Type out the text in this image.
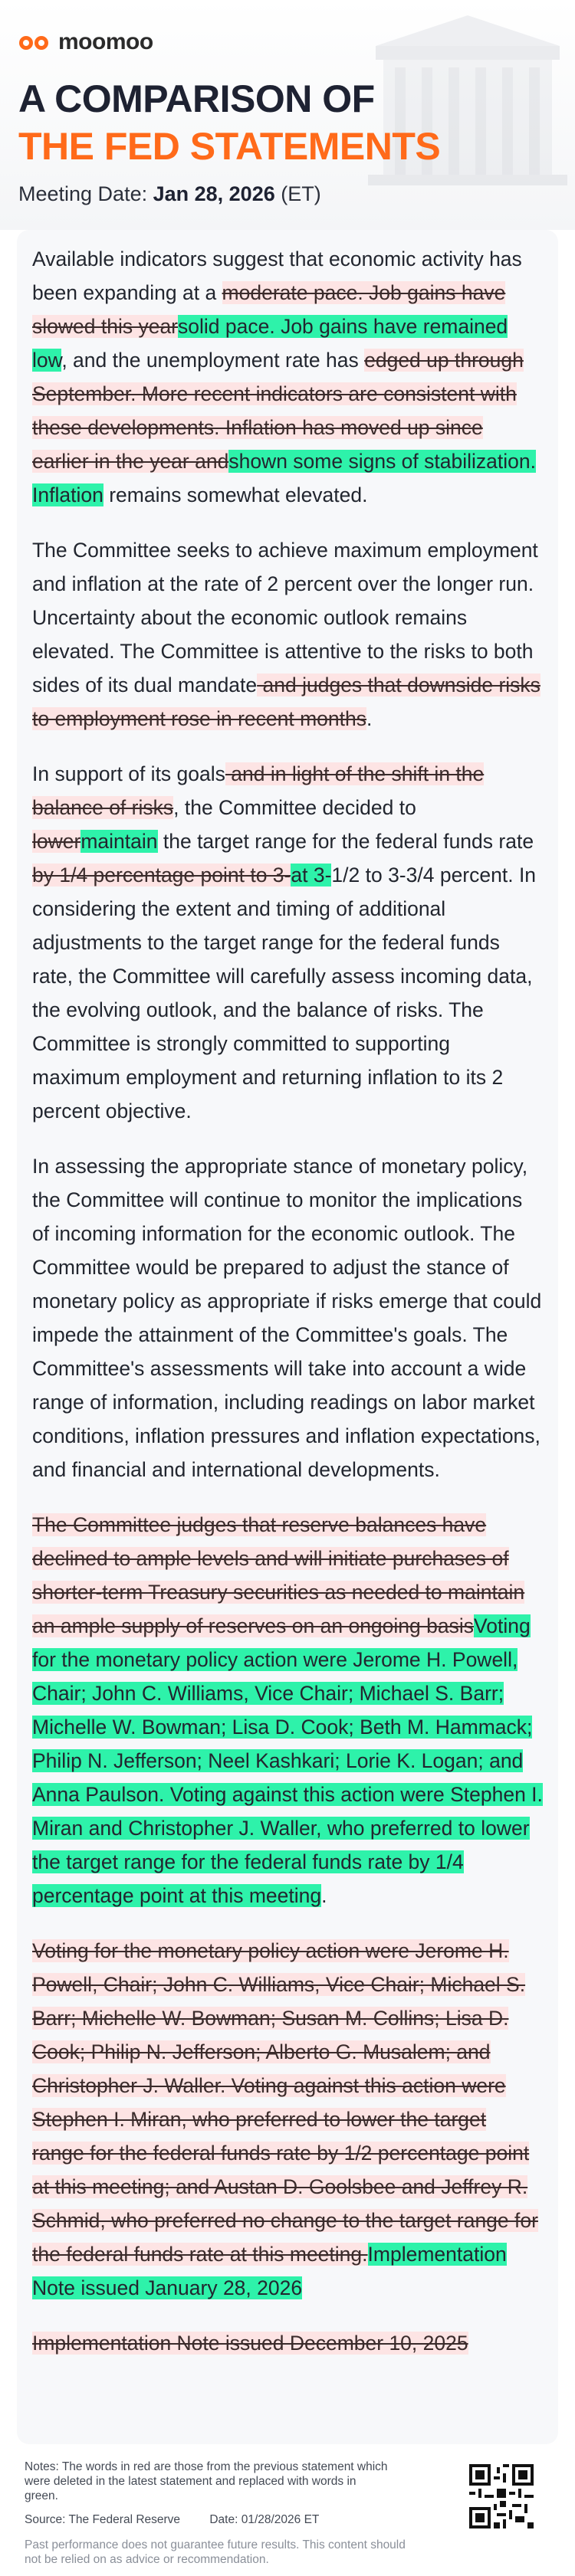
moomoo
A COMPARISON OF
THE FED STATEMENTS
Meeting Date: Jan 28, 2026 (ET)

Available indicators suggest that economic activity has been expanding at a moderate pace. Job gains have slowed this yearsolid pace. Job gains have remained low, and the unemployment rate has edged up through September. More recent indicators are consistent with these developments. Inflation has moved up since earlier in the year andshown some signs of stabilization. Inflation remains somewhat elevated.

The Committee seeks to achieve maximum employment and inflation at the rate of 2 percent over the longer run. Uncertainty about the economic outlook remains elevated. The Committee is attentive to the risks to both sides of its dual mandate and judges that downside risks to employment rose in recent months.

In support of its goals and in light of the shift in the balance of risks, the Committee decided to lowermaintain the target range for the federal funds rate by 1/4 percentage point to 3-at 3-1/2 to 3-3/4 percent. In considering the extent and timing of additional adjustments to the target range for the federal funds rate, the Committee will carefully assess incoming data, the evolving outlook, and the balance of risks. The Committee is strongly committed to supporting maximum employment and returning inflation to its 2 percent objective.

In assessing the appropriate stance of monetary policy, the Committee will continue to monitor the implications of incoming information for the economic outlook. The Committee would be prepared to adjust the stance of monetary policy as appropriate if risks emerge that could impede the attainment of the Committee's goals. The Committee's assessments will take into account a wide range of information, including readings on labor market conditions, inflation pressures and inflation expectations, and financial and international developments.

The Committee judges that reserve balances have declined to ample levels and will initiate purchases of shorter-term Treasury securities as needed to maintain an ample supply of reserves on an ongoing basisVoting for the monetary policy action were Jerome H. Powell, Chair; John C. Williams, Vice Chair; Michael S. Barr; Michelle W. Bowman; Lisa D. Cook; Beth M. Hammack; Philip N. Jefferson; Neel Kashkari; Lorie K. Logan; and Anna Paulson. Voting against this action were Stephen I. Miran and Christopher J. Waller, who preferred to lower the target range for the federal funds rate by 1/4 percentage point at this meeting.

Voting for the monetary policy action were Jerome H. Powell, Chair; John C. Williams, Vice Chair; Michael S. Barr; Michelle W. Bowman; Susan M. Collins; Lisa D. Cook; Philip N. Jefferson; Alberto G. Musalem; and Christopher J. Waller. Voting against this action were Stephen I. Miran, who preferred to lower the target range for the federal funds rate by 1/2 percentage point at this meeting; and Austan D. Goolsbee and Jeffrey R. Schmid, who preferred no change to the target range for the federal funds rate at this meeting.Implementation Note issued January 28, 2026

Implementation Note issued December 10, 2025

Notes: The words in red are those from the previous statement which were deleted in the latest statement and replaced with words in green.
Source: The Federal Reserve Date: 01/28/2026 ET
Past performance does not guarantee future results. This content should not be relied on as advice or recommendation.
